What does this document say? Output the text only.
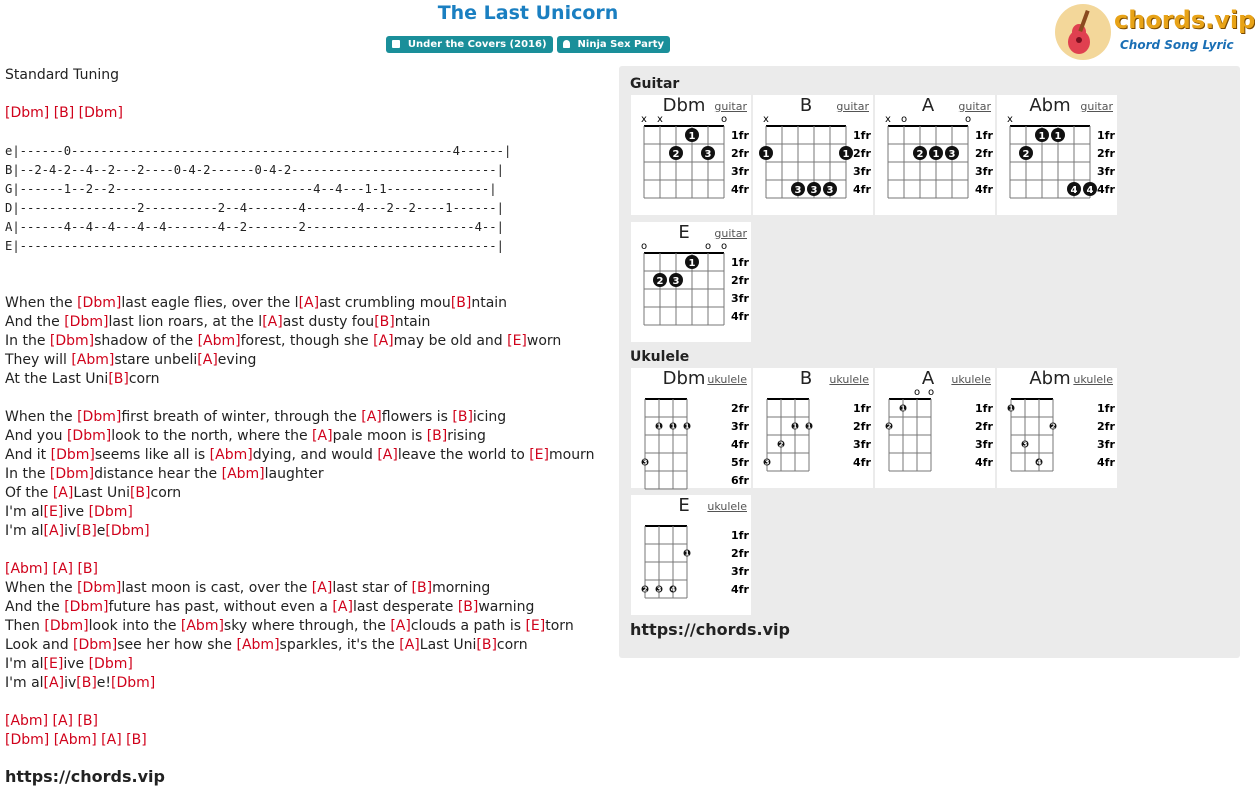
The Last Unicorn
Under the Covers (2016)	Ninja Sex Party
chords.vip
Chord Song Lyric
Standard Tuning
[Dbm] [B] [Dbm]
e|------0----------------------------------------------------4------|
B|--2-4-2--4--2---2----0-4-2------0-4-2----------------------------|
G|------1--2--2---------------------------4--4---1-1--------------|
D|----------------2----------2--4-------4-------4---2--2----1------|
A|------4--4--4---4--4-------4--2-------2-----------------------4--|
E|-----------------------------------------------------------------|
When the [Dbm]last eagle flies, over the l[A]ast crumbling mou[B]ntain
And the [Dbm]last lion roars, at the l[A]ast dusty fou[B]ntain
In the [Dbm]shadow of the [Abm]forest, though she [A]may be old and [E]worn
They will [Abm]stare unbeli[A]eving
At the Last Uni[B]corn
When the [Dbm]first breath of winter, through the [A]flowers is [B]icing
And you [Dbm]look to the north, where the [A]pale moon is [B]rising
And it [Dbm]seems like all is [Abm]dying, and would [A]leave the world to [E]mourn
In the [Dbm]distance hear the [Abm]laughter
Of the [A]Last Uni[B]corn
I'm al[E]ive [Dbm]
I'm al[A]iv[B]e[Dbm]
[Abm] [A] [B]
When the [Dbm]last moon is cast, over the [A]last star of [B]morning
And the [Dbm]future has past, without even a [A]last desperate [B]warning
Then [Dbm]look into the [Abm]sky where through, the [A]clouds a path is [E]torn
Look and [Dbm]see her how she [Abm]sparkles, it's the [A]Last Uni[B]corn
I'm al[E]ive [Dbm]
I'm al[A]iv[B]e![Dbm]
[Abm] [A] [B]
[Dbm] [Abm] [A] [B]
https://chords.vip
Guitar
Dbm guitar
1fr
2fr
3fr
4fr
x x	o
1
2	3
B	guitar
1fr
2fr
3fr
4fr
x
1	1
3 3 3
A	guitar
1fr
2fr
3fr
4fr
x o	o
2 1 3
Abm guitar
1fr
2fr
3fr
4fr
x
1 1
2
4 4
E	guitar
1fr
2fr
3fr
4fr
o	o o
1
2 3
Ukulele
Dbm ukulele
2fr
3fr
4fr
5fr
6fr
1 1 1
3
B	ukulele
1fr
2fr
3fr
4fr
1 1
2
3
A	ukulele
1fr
2fr
3fr
4fr
o o
1
2
Abm ukulele
1fr
2fr
3fr
4fr
1
2
3
4
E	ukulele
1fr
2fr
3fr
4fr
1
2 3 4
https://chords.vip
